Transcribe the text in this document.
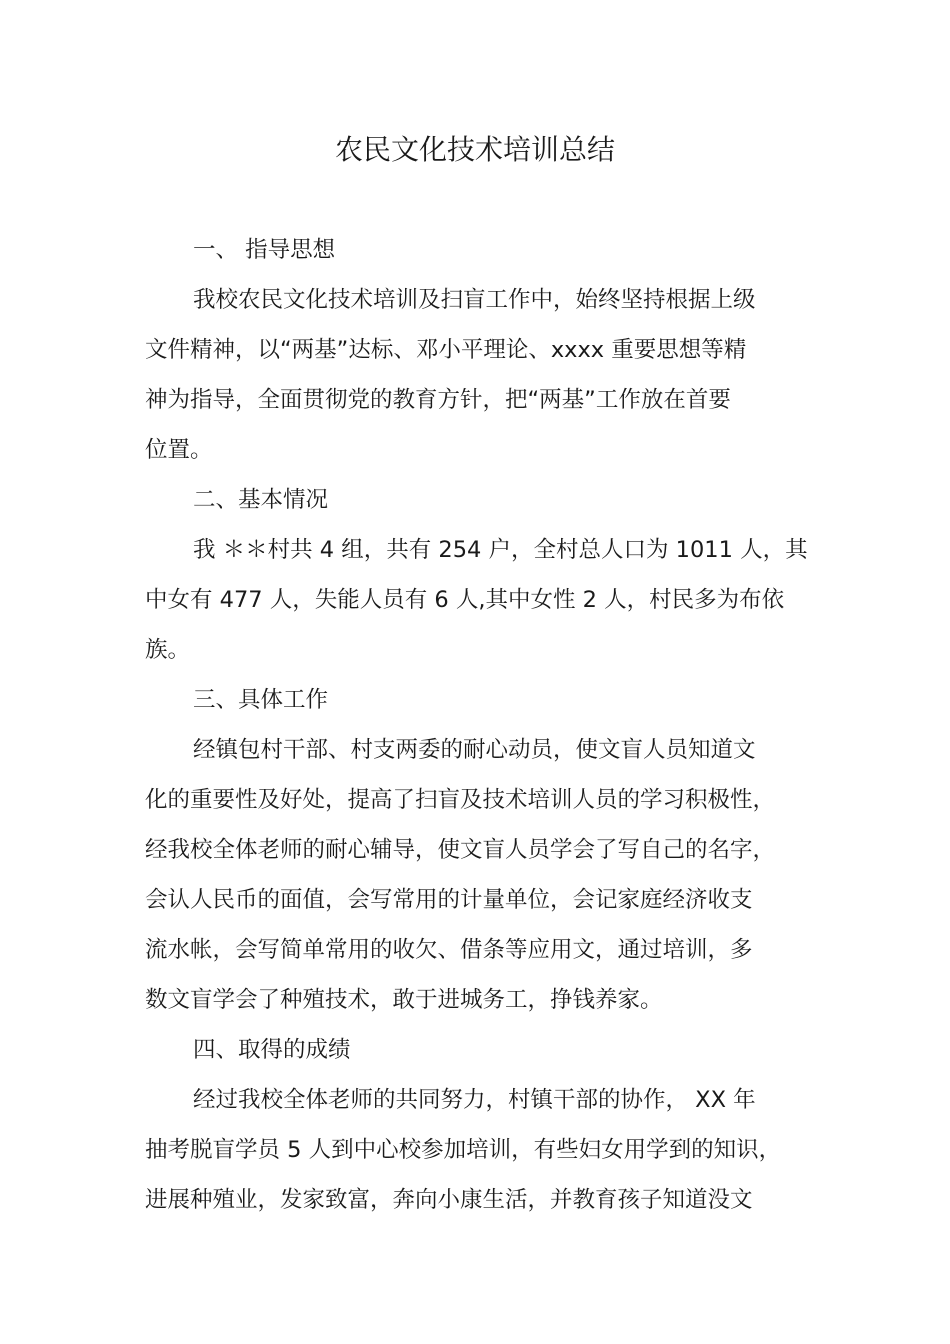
农民文化技术培训总结

一、 指导思想

我校农民文化技术培训及扫盲工作中，始终坚持根据上级
文件精神，以“两基”达标、邓小平理论、xxxx 重要思想等精
神为指导，全面贯彻党的教育方针，把“两基”工作放在首要
位置。

二、基本情况

我 ＊＊村共 4 组，共有 254 户，全村总人口为 1011 人，其
中女有 477 人，失能人员有 6 人,其中女性 2 人，村民多为布依
族。

三、具体工作

经镇包村干部、村支两委的耐心动员，使文盲人员知道文
化的重要性及好处，提高了扫盲及技术培训人员的学习积极性，
经我校全体老师的耐心辅导，使文盲人员学会了写自己的名字，
会认人民币的面值，会写常用的计量单位，会记家庭经济收支
流水帐，会写简单常用的收欠、借条等应用文，通过培训，多
数文盲学会了种殖技术，敢于进城务工，挣钱养家。

四、取得的成绩

经过我校全体老师的共同努力，村镇干部的协作， XX 年
抽考脱盲学员 5 人到中心校参加培训，有些妇女用学到的知识，
进展种殖业，发家致富，奔向小康生活，并教育孩子知道没文
